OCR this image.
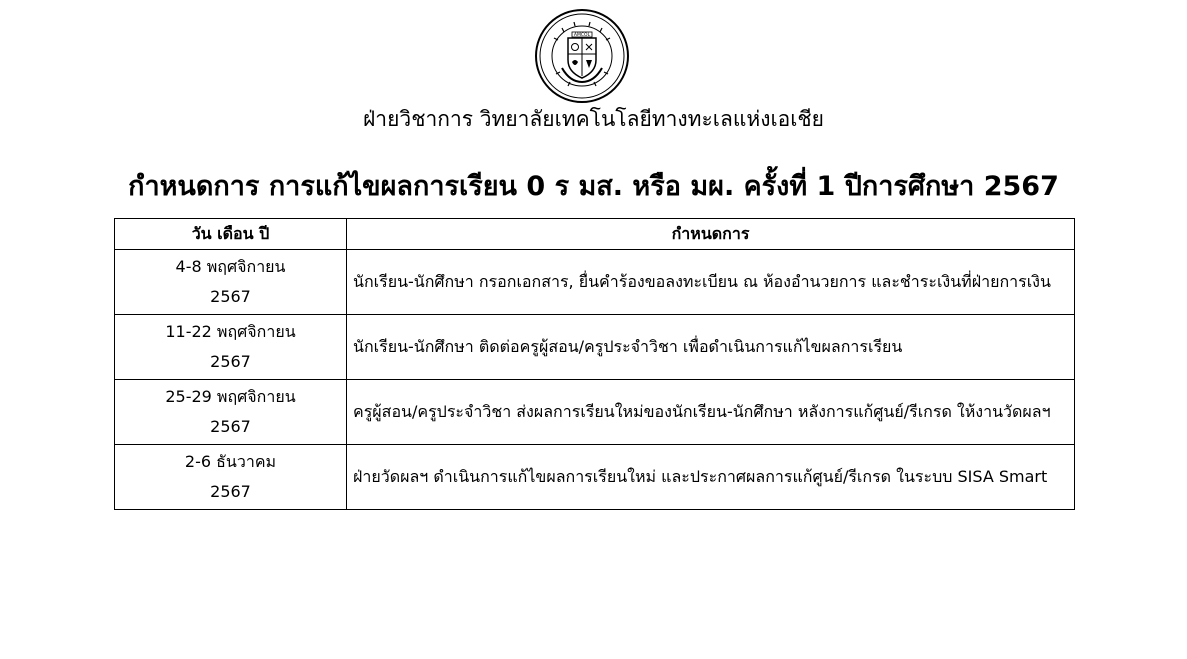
AMCOL
ฝ่ายวิชาการ วิทยาลัยเทคโนโลยีทางทะเลแห่งเอเชีย
กำหนดการ การแก้ไขผลการเรียน 0 ร มส. หรือ มผ. ครั้งที่ 1 ปีการศึกษา 2567
วัน เดือน ปี	กำหนดการ

4-8 พฤศจิกายน
2567	นักเรียน-นักศึกษา กรอกเอกสาร, ยื่นคำร้องขอลงทะเบียน ณ ห้องอำนวยการ และชำระเงินที่ฝ่ายการเงิน

11-22 พฤศจิกายน
2567	นักเรียน-นักศึกษา ติดต่อครูผู้สอน/ครูประจำวิชา เพื่อดำเนินการแก้ไขผลการเรียน

25-29 พฤศจิกายน
2567	ครูผู้สอน/ครูประจำวิชา ส่งผลการเรียนใหม่ของนักเรียน-นักศึกษา หลังการแก้ศูนย์/รีเกรด ให้งานวัดผลฯ

2-6 ธันวาคม
2567	ฝ่ายวัดผลฯ ดำเนินการแก้ไขผลการเรียนใหม่ และประกาศผลการแก้ศูนย์/รีเกรด ในระบบ SISA Smart
